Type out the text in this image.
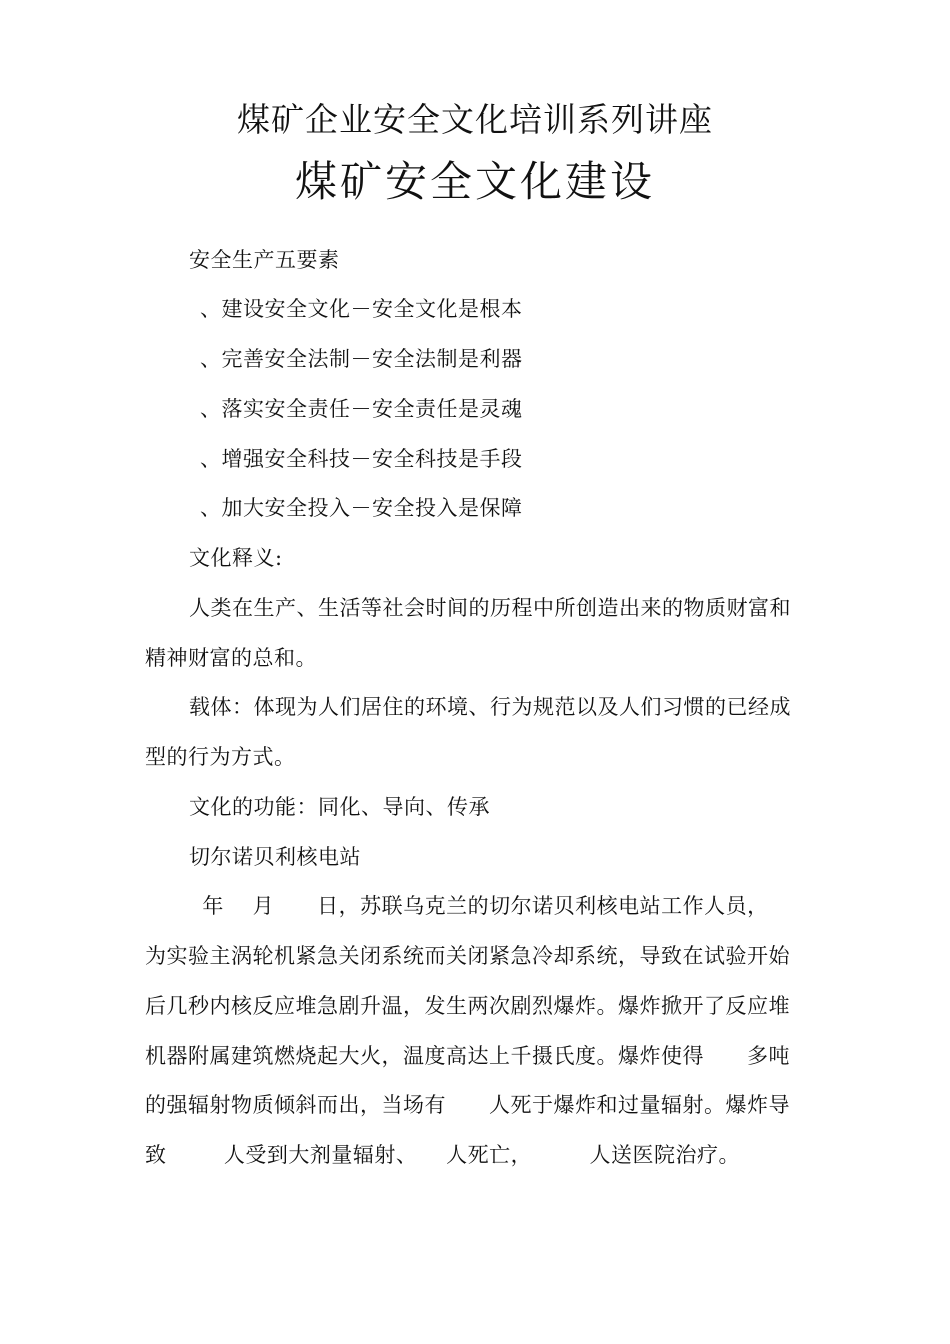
煤矿企业安全文化培训系列讲座
煤矿安全文化建设
安全生产五要素
、建设安全文化－安全文化是根本
、完善安全法制－安全法制是利器
、落实安全责任－安全责任是灵魂
、增强安全科技－安全科技是手段
、加大安全投入－安全投入是保障
文化释义:
人类在生产、生活等社会时间的历程中所创造出来的物质财富和
精神财富的总和。
载体：体现为人们居住的环境、行为规范以及人们习惯的已经成
型的行为方式。
文化的功能：同化、导向、传承
切尔诺贝利核电站
年    月      日，苏联乌克兰的切尔诺贝利核电站工作人员，
为实验主涡轮机紧急关闭系统而关闭紧急冷却系统，导致在试验开始
后几秒内核反应堆急剧升温，发生两次剧烈爆炸。爆炸掀开了反应堆
机器附属建筑燃烧起大火，温度高达上千摄氏度。爆炸使得      多吨
的强辐射物质倾斜而出，当场有      人死于爆炸和过量辐射。爆炸导
致        人受到大剂量辐射、    人死亡，        人送医院治疗。
